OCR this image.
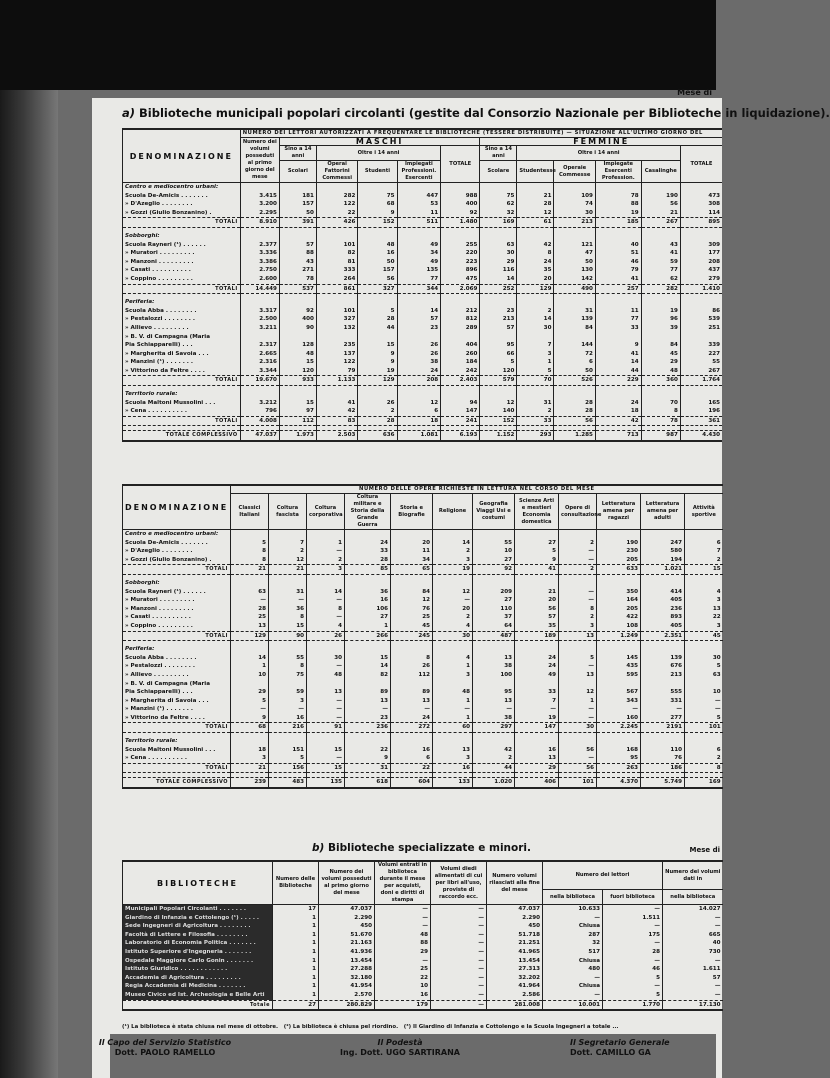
a) Biblioteche municipali popolari circolanti (gestite dal Consorzio Nazionale per Biblioteche in liquidazione).
DENOMINAZIONE	NUMERO DEI LETTORI AUTORIZZATI A FREQUENTARE LE BIBLIOTECHE (TESSERE DISTRIBUITE) — SITUAZIONE ALL'ULTIMO GIORNO DEL											
	Numero dei volumi posseduti al primo giorno del mese	MASCHI					FEMMINE					
		Sino a 14 anni	Oltre i 14 anni			TOTALE	Sino a 14 anni	Oltre i 14 anni				TOTALE
		Scolari	Operai Fattorini Commessi	Studenti	Impiegati Professioni. Esercenti		Scolare	Studentesse	Operaie Commesse	Impiegate Esercenti Profession.	Casalinghe	
Centro e mediocentro urbani:												
Scuola De-Amicis . . . . . . .	3.415	181	282	75	447	988	75	21	109	78	190	473
» D'Azeglio . . . . . . . .	3.200	157	122	68	53	400	62	28	74	88	56	308
» Gozzi (Giulio Bonzanino) .	2.295	50	22	9	11	92	32	12	30	19	21	114
TOTALI	8.910	391	426	152	511	1.480	169	61	213	185	267	895

Sobborghi:												
Scuola Rayneri (¹) . . . . . .	2.377	57	101	48	49	255	63	42	121	40	43	309
» Muratori . . . . . . . . .	3.336	88	82	16	34	220	30	8	47	51	41	177
» Manzoni . . . . . . . . .	3.386	43	81	50	49	223	29	24	50	46	59	208
» Casati . . . . . . . . . .	2.750	271	333	157	135	896	116	35	130	79	77	437
» Coppino . . . . . . . . .	2.600	78	264	56	77	475	14	20	142	41	62	279
TOTALI	14.449	537	861	327	344	2.069	252	129	490	257	282	1.410

Periferia:												
Scuola Abba . . . . . . . .	3.317	92	101	5	14	212	23	2	31	11	19	86
» Pestalozzi . . . . . . . .	2.500	400	327	28	57	812	213	14	139	77	96	539
» Allievo . . . . . . . . .	3.211	90	132	44	23	289	57	30	84	33	39	251
» B. V. di Campagna (Maria												
Pia Schiapparelli) . . .	2.317	128	235	15	26	404	95	7	144	9	84	339
» Margherita di Savoia . . .	2.665	48	137	9	26	260	66	3	72	41	45	227
» Manzini (¹) . . . . . . .	2.316	15	122	9	38	184	5	1	6	14	29	55
» Vittorino da Feltre . . . .	3.344	120	79	19	24	242	120	5	50	44	48	267
TOTALI	19.670	933	1.133	129	208	2.403	579	70	526	229	360	1.764

Territorio rurale:												
Scuola Maltoni Mussolini . . .	3.212	15	41	26	12	94	12	31	28	24	70	165
» Cena . . . . . . . . . .	796	97	42	2	6	147	140	2	28	18	8	196
TOTALI	4.008	112	83	28	18	241	152	33	56	42	78	361

TOTALE COMPLESSIVO	47.037	1.973	2.503	636	1.081	6.193	1.152	293	1.285	713	987	4.430
DENOMINAZIONE	NUMERO DELLE OPERE RICHIESTE IN LETTURA NEL CORSO DEL MESE											
	Classici Italiani	Coltura fascista	Coltura corporativa	Coltura militare e Storia della Grande Guerra	Storia e Biografie	Religione	Geografia Viaggi Usi e costumi	Scienze Arti e mestieri Economia domestica	Opere di consultazione	Letteratura amena per ragazzi	Letteratura amena per adulti	Attività sportive
Centro e mediocentro urbani:												
Scuola De-Amicis . . . . . . .	5	7	1	24	20	14	55	27	2	190	247	6
» D'Azeglio . . . . . . . .	8	2	—	33	11	2	10	5	—	230	580	7
» Gozzi (Giulio Bonzanino) .	8	12	2	28	34	3	27	9	—	205	194	2
TOTALI	21	21	3	85	65	19	92	41	2	633	1.021	15

Sobborghi:												
Scuola Rayneri (¹) . . . . . .	63	31	14	36	84	12	209	21	—	350	414	4
» Muratori . . . . . . . . .	—	—	—	16	12	—	27	20	—	164	405	3
» Manzoni . . . . . . . . .	28	36	8	106	76	20	110	56	8	205	236	13
» Casati . . . . . . . . . .	25	8	—	27	25	2	37	57	2	422	893	22
» Coppino . . . . . . . . .	13	15	4	1	45	4	64	35	3	108	405	3
TOTALI	129	90	26	266	245	30	487	189	13	1.249	2.351	45

Periferia:												
Scuola Abba . . . . . . . .	14	55	30	15	8	4	13	24	5	145	139	30
» Pestalozzi . . . . . . . .	1	8	—	14	26	1	38	24	—	435	676	5
» Allievo . . . . . . . . .	10	75	48	82	112	3	100	49	13	595	213	63
» B. V. di Campagna (Maria												
Pia Schiapparelli) . . .	29	59	13	89	89	48	95	33	12	567	555	10
» Margherita di Savoia . . .	5	3	—	13	13	1	13	7	1	343	331	—
» Manzini (¹) . . . . . . .	—	—	—	—	—	—	—	—	—	—	—	—
» Vittorino da Feltre . . . .	9	16	—	23	24	1	38	19	—	160	277	5
TOTALI	68	216	91	236	272	60	297	147	30	2.245	2191	101

Territorio rurale:												
Scuola Maltoni Mussolini . . .	18	151	15	22	16	13	42	16	56	168	110	6
» Cena . . . . . . . . . .	3	5	—	9	6	3	2	13	—	95	76	2
TOTALI	21	156	15	31	22	16	44	29	56	263	186	8

TOTALE COMPLESSIVO	239	483	135	618	604	133	1.020	406	101	4.370	5.749	169
b) Biblioteche specializzate e minori.	Mese di
BIBLIOTECHE	Numero delle Biblioteche	Numero dei volumi posseduti al primo giorno del mese	Volumi entrati in biblioteca durante il mese per acquisti, doni e diritti di stampa	Volumi diedi alimentati di cui per libri all'uso, proviste di raccordo ecc.	Numero volumi rilasciati alla fine del mese	Numero dei lettori		Numero dei volumi dati in
						nella biblioteca	fuori biblioteca	nella biblioteca
Municipali Popolari Circolanti . . . . . . .	17	47.037	—	—	47.037	10.633	—	14.027
Giardino di Infanzia e Cottolengo (¹) . . . . .	1	2.290	—	—	2.290	—	1.511	—
Sede Ingegneri di Agricoltura . . . . . . . .	1	450	—	—	450	Chiusa	—	—
Facoltà di Lettere e Filosofia . . . . . . . .	1	51.670	48	—	51.718	287	175	665
Laboratorio di Economia Politica . . . . . . .	1	21.163	88	—	21.251	32	—	40
Istituto Superiore d'Ingegneria . . . . . . .	1	41.936	29	—	41.965	517	28	730
Ospedale Maggiore Carlo Gonin . . . . . . .	1	13.454	—	—	13.454	Chiusa	—	—
Istituto Giuridico . . . . . . . . . . . .	1	27.288	25	—	27.313	480	46	1.611
Accademia di Agricoltura . . . . . . . . .	1	32.180	22	—	32.202	—	5	57
Regia Accademia di Medicina . . . . . . .	1	41.954	10	—	41.964	Chiusa	—	—
Museo Civico ed Ist. Archeologia e Belle Arti	1	2.570	16	—	2.586	—	5	—
Totale	27	280.829	179	—	281.008	10.001	1.770	17.130
(¹) La biblioteca è stata chiusa nel mese di ottobre. (²) La biblioteca è chiusa pel riordino. (³) Il Giardino di Infanzia e Cottolengo e la Scuola Ingegneri a totale ...
Mese di
Il Capo del Servizio Statistico
Dott. PAOLO RAMELLO
Il Podestà
Ing. Dott. UGO SARTIRANA
Il Segretario Generale
Dott. CAMILLO GA
